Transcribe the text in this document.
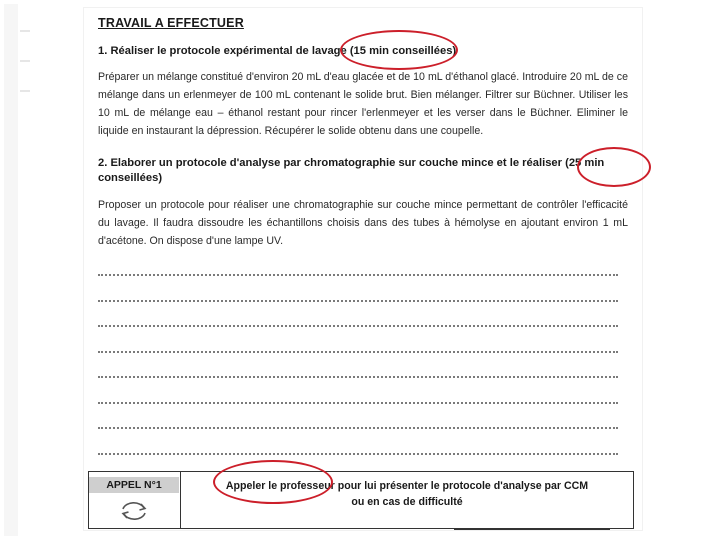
TRAVAIL A EFFECTUER
1. Réaliser le protocole expérimental de lavage (15 min conseillées)
Préparer un mélange constitué d'environ 20 mL d'eau glacée et de 10 mL d'éthanol glacé. Introduire 20 mL de ce mélange dans un erlenmeyer de 100 mL contenant le solide brut. Bien mélanger. Filtrer sur Büchner. Utiliser les 10 mL de mélange eau – éthanol restant pour rincer l'erlenmeyer et les verser dans le Büchner. Eliminer le liquide en instaurant la dépression. Récupérer le solide obtenu dans une coupelle.
2. Elaborer un protocole d'analyse par chromatographie sur couche mince et le réaliser (25 min conseillées)
Proposer un protocole pour réaliser une chromatographie sur couche mince permettant de contrôler l'efficacité du lavage. Il faudra dissoudre les échantillons choisis dans des tubes à hémolyse en ajoutant environ 1 mL d'acétone. On dispose d'une lampe UV.
APPEL N°1	Appeler le professeur pour lui présenter le protocole d'analyse par CCM
ou en cas de difficulté
